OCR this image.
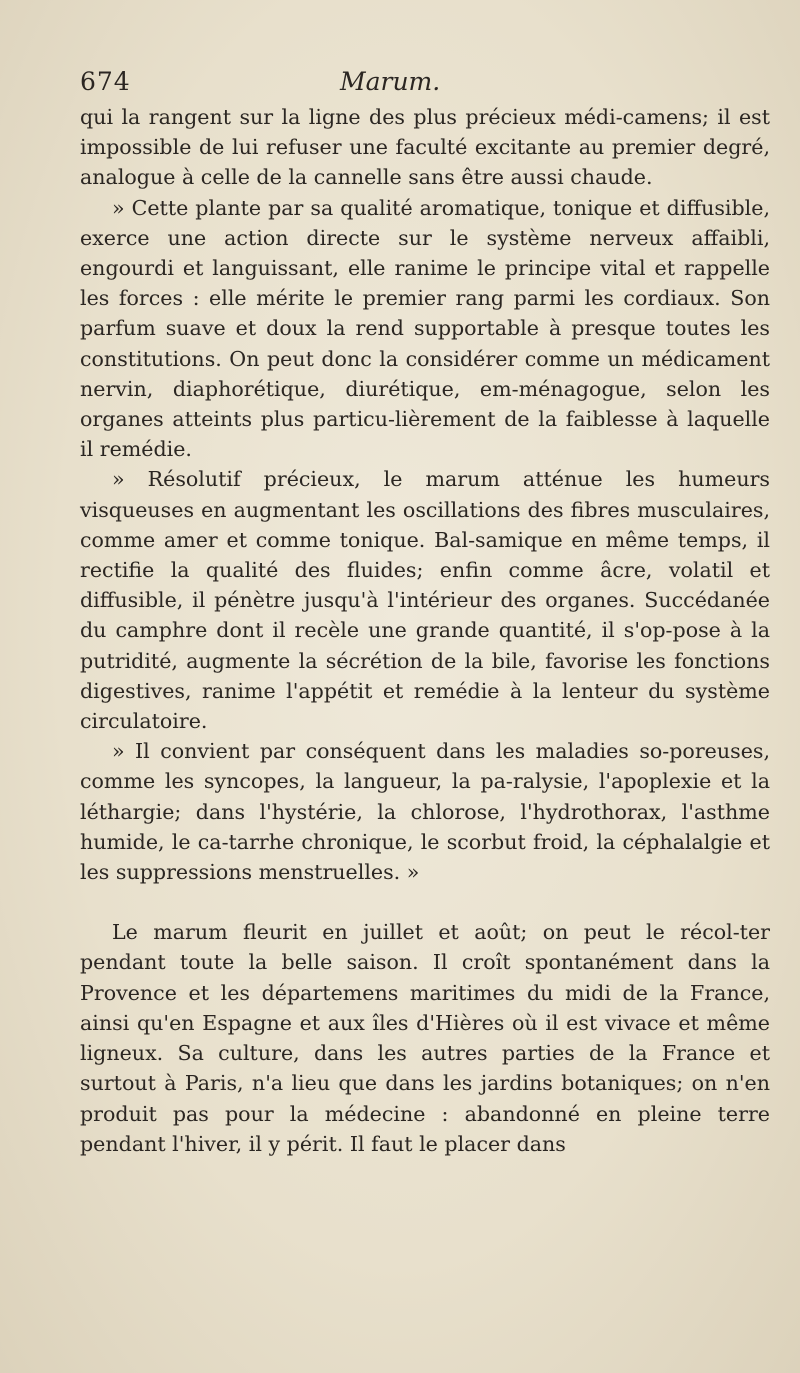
674	Marum.

qui la rangent sur la ligne des plus précieux médi-camens; il est impossible de lui refuser une faculté excitante au premier degré, analogue à celle de la cannelle sans être aussi chaude.

» Cette plante par sa qualité aromatique, tonique et diffusible, exerce une action directe sur le système nerveux affaibli, engourdi et languissant, elle ranime le principe vital et rappelle les forces : elle mérite le premier rang parmi les cordiaux. Son parfum suave et doux la rend supportable à presque toutes les constitutions. On peut donc la considérer comme un médicament nervin, diaphorétique, diurétique, em-ménagogue, selon les organes atteints plus particu-lièrement de la faiblesse à laquelle il remédie.

» Résolutif précieux, le marum atténue les humeurs visqueuses en augmentant les oscillations des fibres musculaires, comme amer et comme tonique. Bal-samique en même temps, il rectifie la qualité des fluides; enfin comme âcre, volatil et diffusible, il pénètre jusqu'à l'intérieur des organes. Succédanée du camphre dont il recèle une grande quantité, il s'op-pose à la putridité, augmente la sécrétion de la bile, favorise les fonctions digestives, ranime l'appétit et remédie à la lenteur du système circulatoire.

» Il convient par conséquent dans les maladies so-poreuses, comme les syncopes, la langueur, la pa-ralysie, l'apoplexie et la léthargie; dans l'hystérie, la chlorose, l'hydrothorax, l'asthme humide, le ca-tarrhe chronique, le scorbut froid, la céphalalgie et les suppressions menstruelles. »

Le marum fleurit en juillet et août; on peut le récol-ter pendant toute la belle saison. Il croît spontanément dans la Provence et les départemens maritimes du midi de la France, ainsi qu'en Espagne et aux îles d'Hières où il est vivace et même ligneux. Sa culture, dans les autres parties de la France et surtout à Paris, n'a lieu que dans les jardins botaniques; on n'en produit pas pour la médecine : abandonné en pleine terre pendant l'hiver, il y périt. Il faut le placer dans
